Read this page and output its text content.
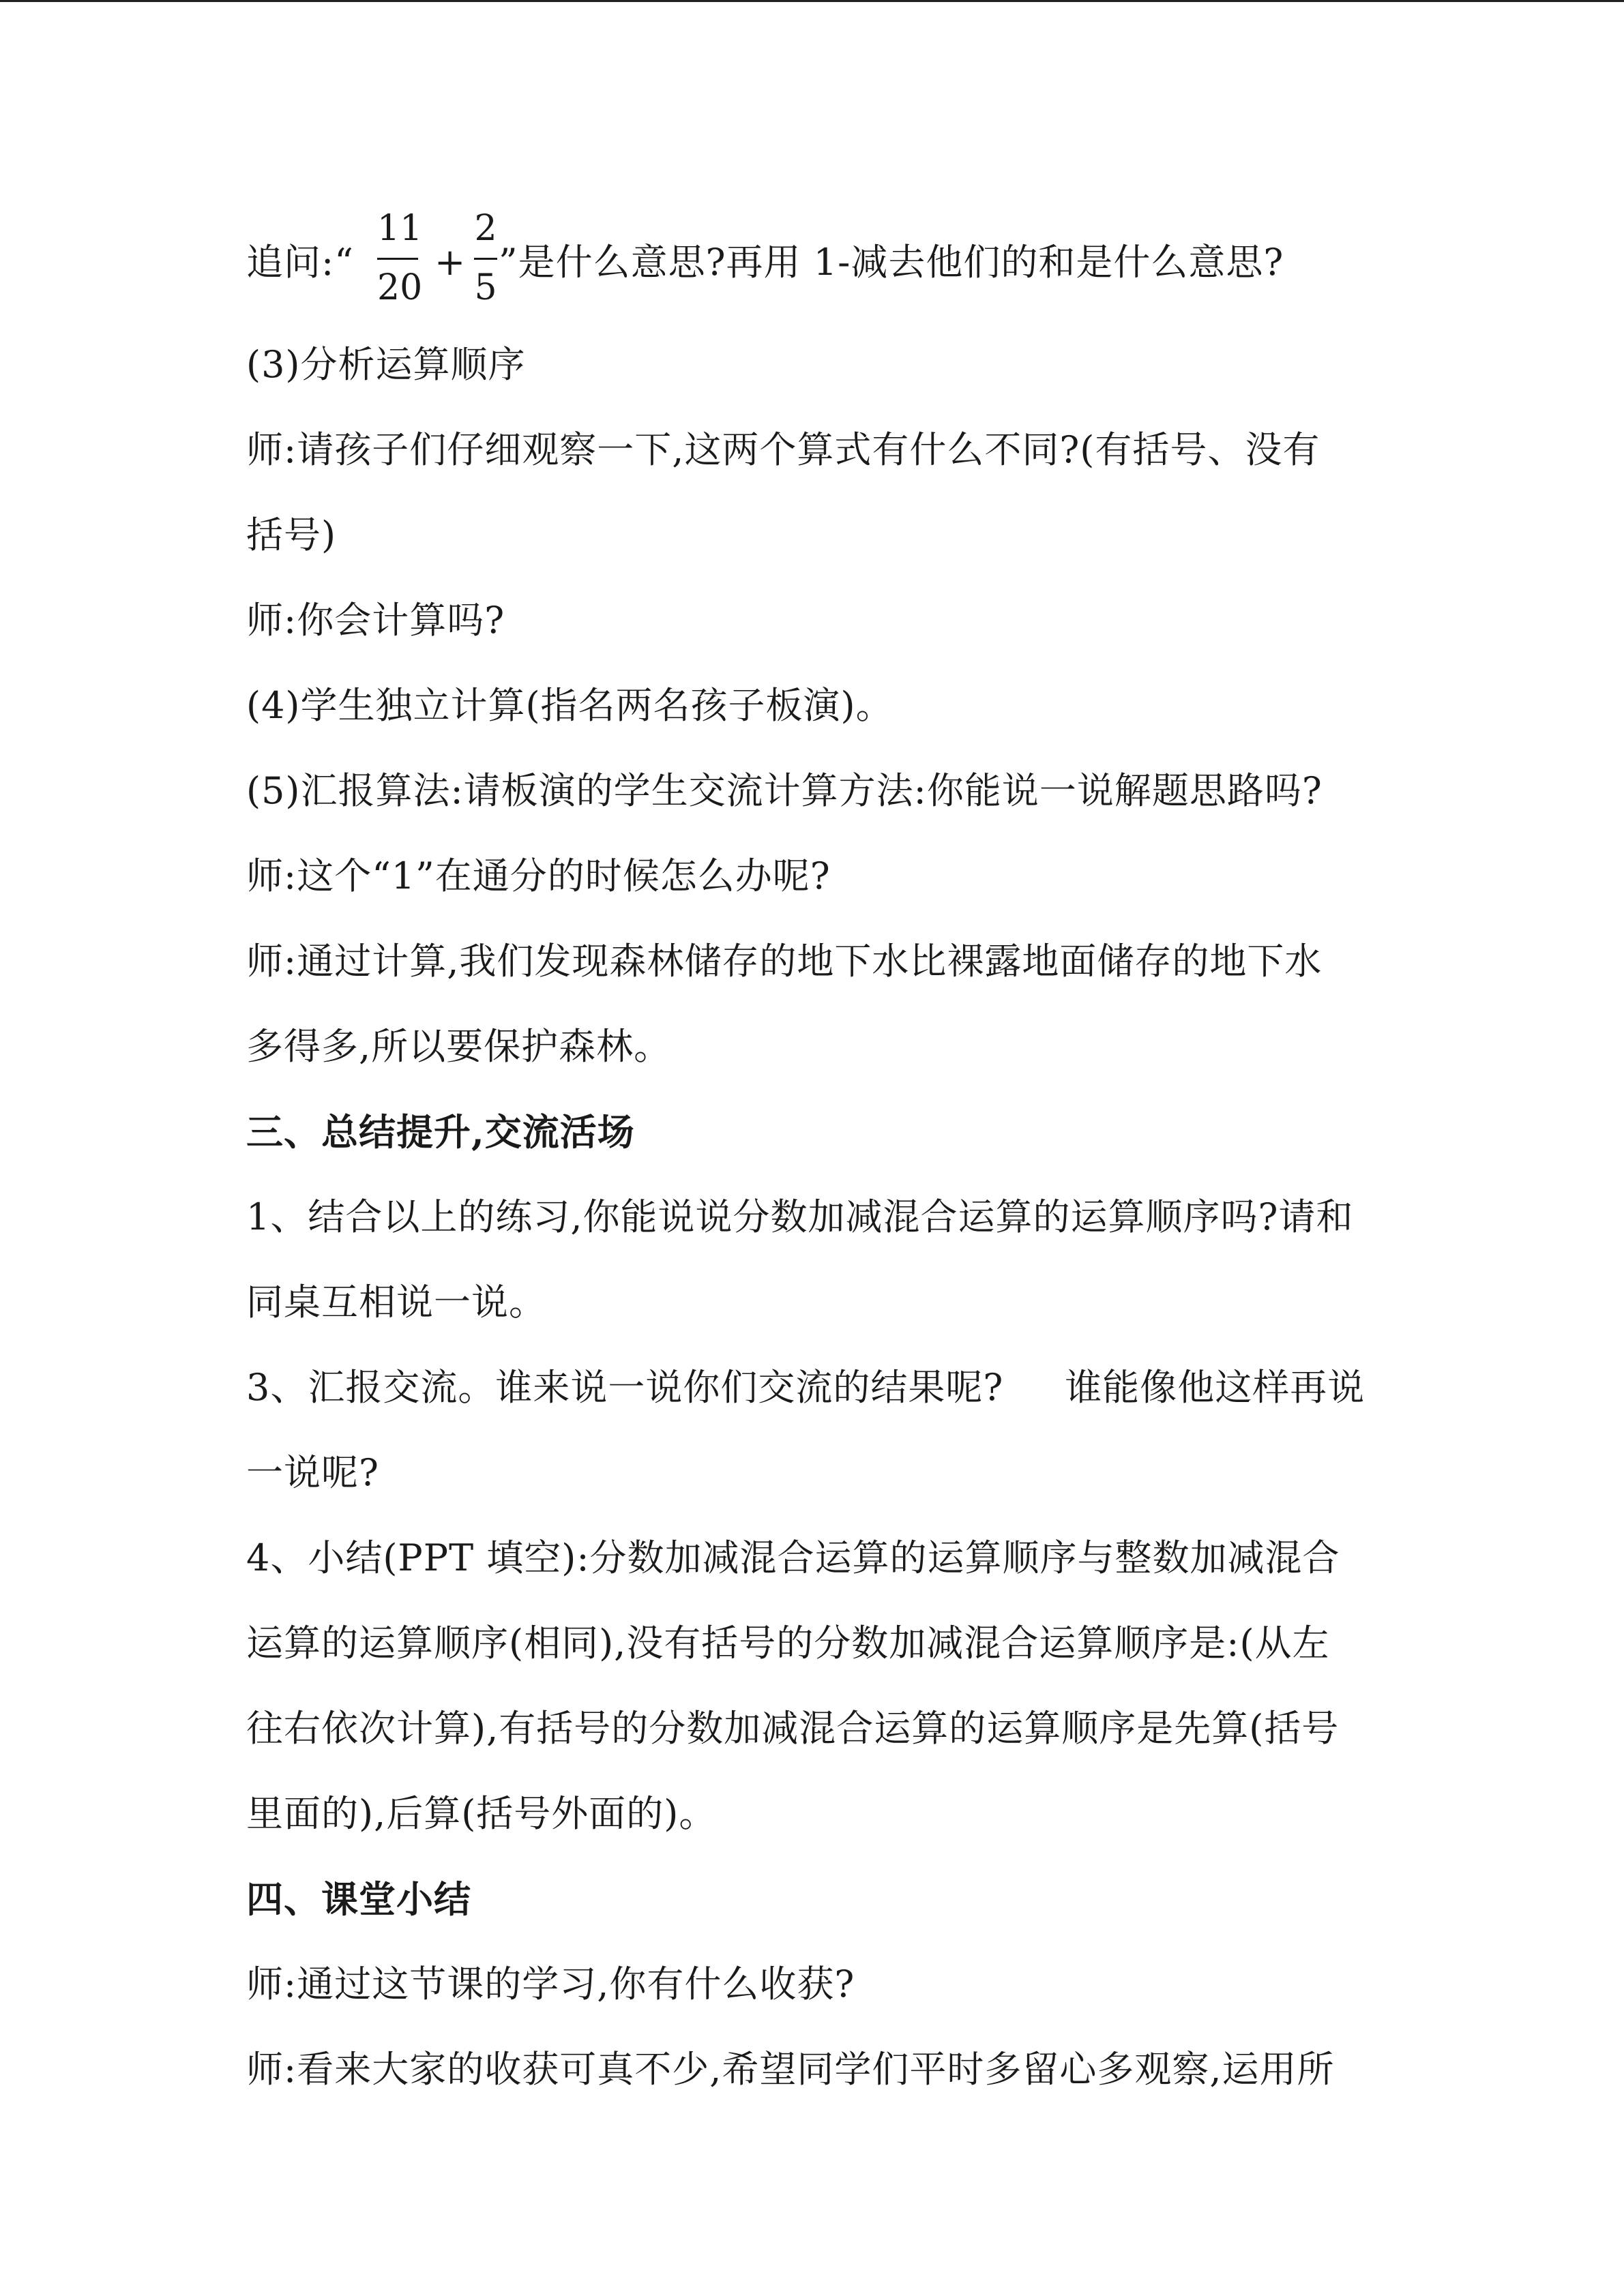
追问:“
11
20
+
2
5
”是什么意思?再用 1-减去他们的和是什么意思?
(3)分析运算顺序
师:请孩子们仔细观察一下,这两个算式有什么不同?(有括号、没有
括号)
师:你会计算吗?
(4)学生独立计算(指名两名孩子板演)。
(5)汇报算法:请板演的学生交流计算方法:你能说一说解题思路吗?
师:这个“1”在通分的时候怎么办呢?
师:通过计算,我们发现森林储存的地下水比裸露地面储存的地下水
多得多,所以要保护森林。
三、总结提升,交流活场
1、结合以上的练习,你能说说分数加减混合运算的运算顺序吗?请和
同桌互相说一说。
3、汇报交流。谁来说一说你们交流的结果呢? 谁能像他这样再说
一说呢?
4、小结(PPT 填空):分数加减混合运算的运算顺序与整数加减混合
运算的运算顺序(相同),没有括号的分数加减混合运算顺序是:(从左
往右依次计算),有括号的分数加减混合运算的运算顺序是先算(括号
里面的),后算(括号外面的)。
四、课堂小结
师:通过这节课的学习,你有什么收获?
师:看来大家的收获可真不少,希望同学们平时多留心多观察,运用所
